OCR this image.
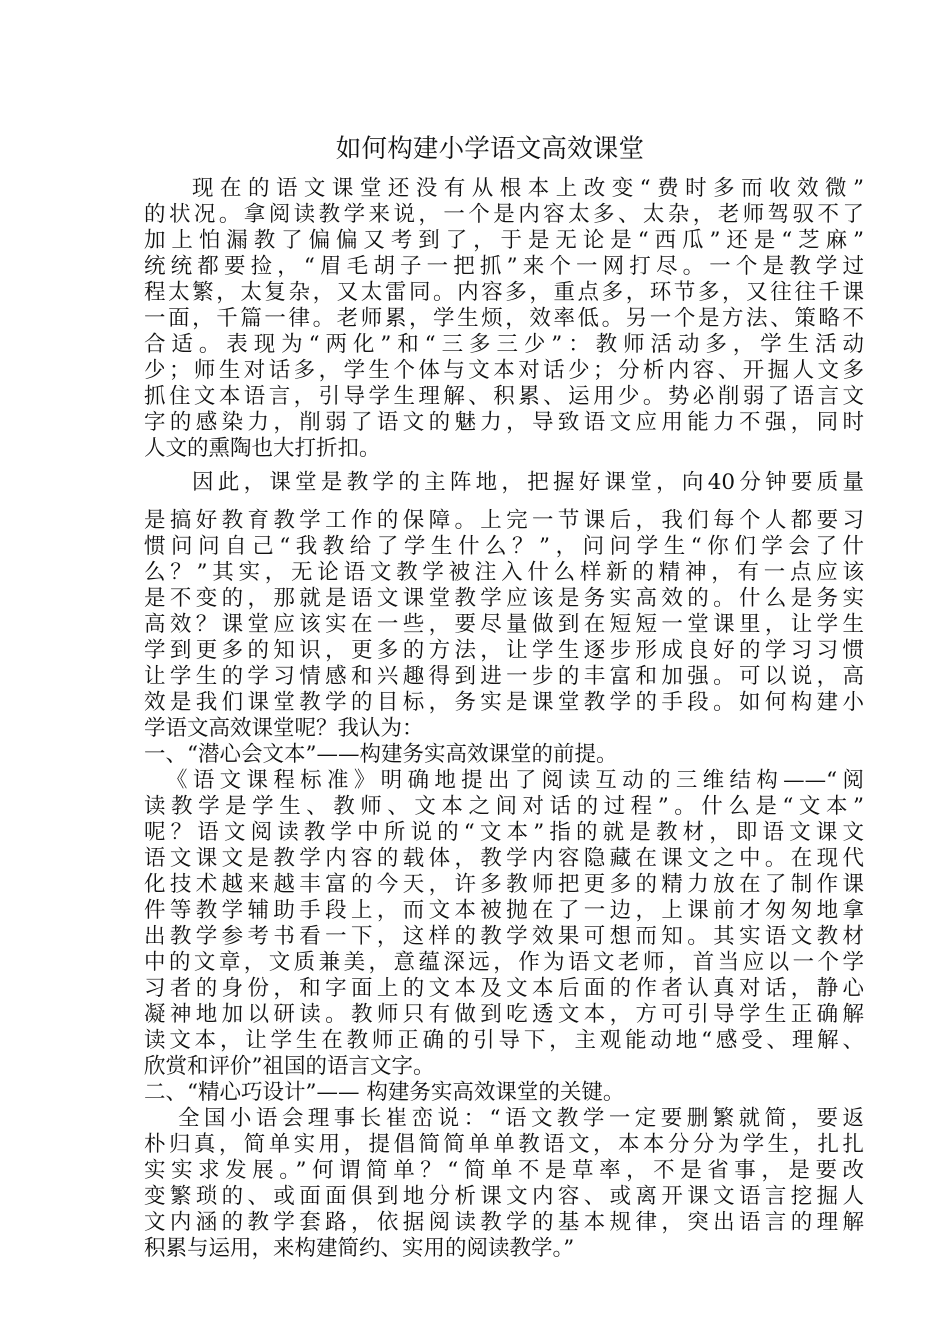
如何构建小学语文高效课堂
现在的语文课堂还没有从根本上改变“费时多而收效微”
的状况。拿阅读教学来说，一个是内容太多、太杂，老师驾驭不了
加上怕漏教了偏偏又考到了，于是无论是“西瓜”还是“芝麻”
统统都要捡，“眉毛胡子一把抓”来个一网打尽。一个是教学过
程太繁，太复杂，又太雷同。内容多，重点多，环节多，又往往千课
一面，千篇一律。老师累，学生烦，效率低。另一个是方法、策略不
合适。表现为“两化”和“三多三少”：教师活动多，学生活动
少；师生对话多，学生个体与文本对话少；分析内容、开掘人文多
抓住文本语言，引导学生理解、积累、运用少。势必削弱了语言文
字的感染力，削弱了语文的魅力，导致语文应用能力不强，同时
人文的熏陶也大打折扣。
因此，课堂是教学的主阵地，把握好课堂，向40分钟要质量
是搞好教育教学工作的保障。上完一节课后，我们每个人都要习
惯问问自己“我教给了学生什么？”，问问学生“你们学会了什
么？”其实，无论语文教学被注入什么样新的精神，有一点应该
是不变的，那就是语文课堂教学应该是务实高效的。什么是务实
高效？课堂应该实在一些，要尽量做到在短短一堂课里，让学生
学到更多的知识，更多的方法，让学生逐步形成良好的学习习惯
让学生的学习情感和兴趣得到进一步的丰富和加强。可以说，高
效是我们课堂教学的目标，务实是课堂教学的手段。如何构建小
学语文高效课堂呢？我认为：
一、“潜心会文本”——构建务实高效课堂的前提。
《语文课程标准》明确地提出了阅读互动的三维结构——“阅
读教学是学生、教师、文本之间对话的过程”。什么是“文本”
呢？语文阅读教学中所说的“文本”指的就是教材，即语文课文
语文课文是教学内容的载体，教学内容隐藏在课文之中。在现代
化技术越来越丰富的今天，许多教师把更多的精力放在了制作课
件等教学辅助手段上，而文本被抛在了一边，上课前才匆匆地拿
出教学参考书看一下，这样的教学效果可想而知。其实语文教材
中的文章，文质兼美，意蕴深远，作为语文老师，首当应以一个学
习者的身份，和字面上的文本及文本后面的作者认真对话，静心
凝神地加以研读。教师只有做到吃透文本，方可引导学生正确解
读文本，让学生在教师正确的引导下，主观能动地“感受、理解、
欣赏和评价”祖国的语言文字。
二、“精心巧设计”—— 构建务实高效课堂的关键。
全国小语会理事长崔峦说：“语文教学一定要删繁就简，要返
朴归真，简单实用，提倡简简单单教语文，本本分分为学生，扎扎
实实求发展。”何谓简单？“简单不是草率，不是省事，是要改
变繁琐的、或面面俱到地分析课文内容、或离开课文语言挖掘人
文内涵的教学套路，依据阅读教学的基本规律，突出语言的理解
积累与运用，来构建简约、实用的阅读教学。”
